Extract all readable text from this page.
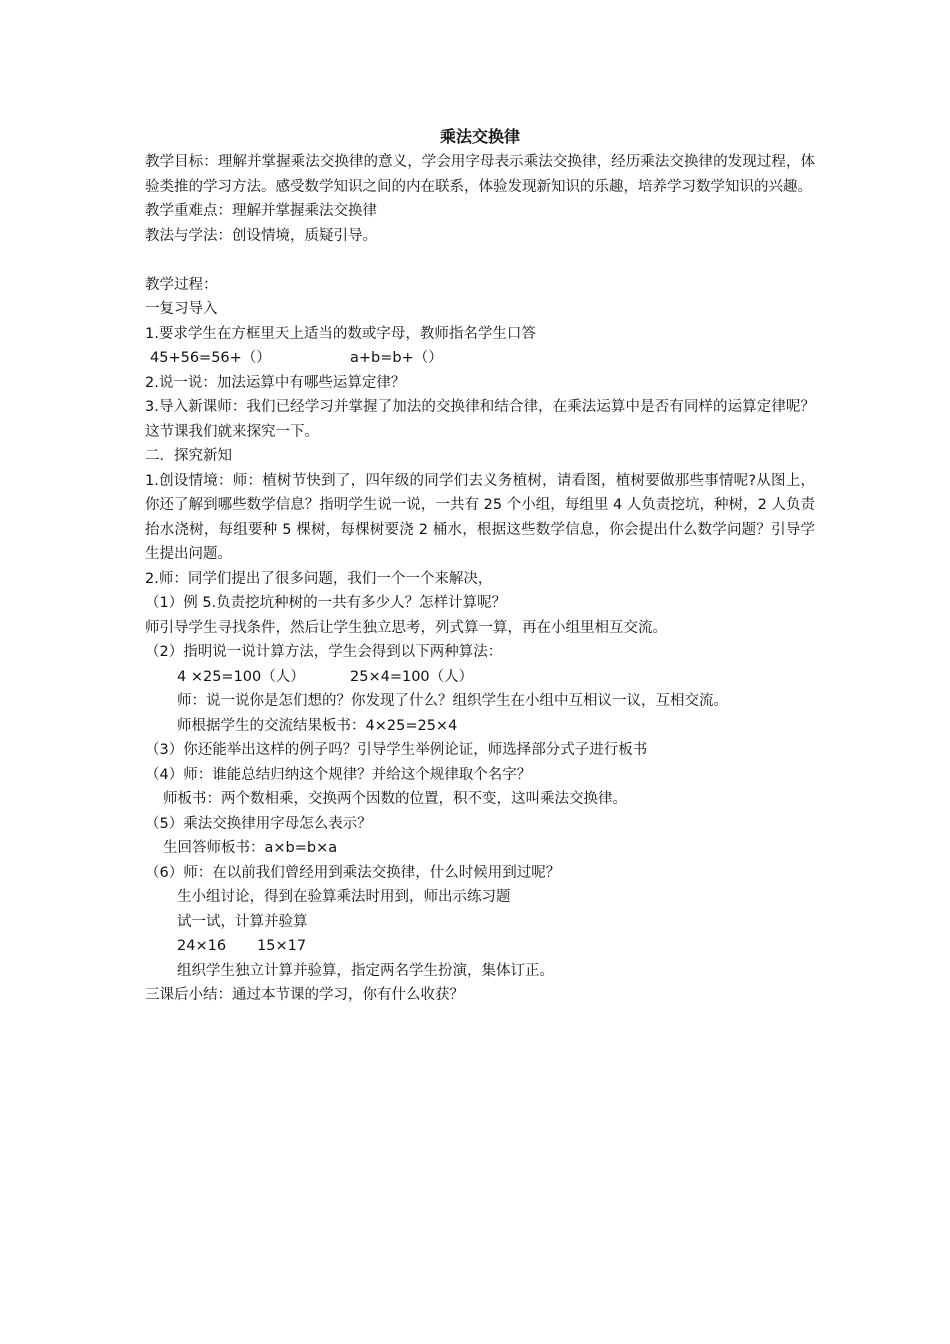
乘法交换律

教学目标：理解并掌握乘法交换律的意义，学会用字母表示乘法交换律，经历乘法交换律的发现过程，体验类推的学习方法。感受数学知识之间的内在联系，体验发现新知识的乐趣，培养学习数学知识的兴趣。

教学重难点：理解并掌握乘法交换律

教法与学法：创设情境，质疑引导。

教学过程：

一复习导入

1.要求学生在方框里天上适当的数或字母，教师指名学生口答

45+56=56+（）	a+b=b+（）

2.说一说：加法运算中有哪些运算定律？

3.导入新课师：我们已经学习并掌握了加法的交换律和结合律，在乘法运算中是否有同样的运算定律呢？这节课我们就来探究一下。

二．探究新知

1.创设情境：师：植树节快到了，四年级的同学们去义务植树，请看图，植树要做那些事情呢?从图上，你还了解到哪些数学信息？指明学生说一说，一共有 25 个小组，每组里 4 人负责挖坑，种树，2 人负责抬水浇树，每组要种 5 棵树，每棵树要浇 2 桶水，根据这些数学信息，你会提出什么数学问题？引导学生提出问题。

2.师：同学们提出了很多问题，我们一个一个来解决，

（1）例 5.负责挖坑种树的一共有多少人？怎样计算呢？

师引导学生寻找条件，然后让学生独立思考，列式算一算，再在小组里相互交流。

（2）指明说一说计算方法，学生会得到以下两种算法：

4 ×25=100（人）	25×4=100（人）

师：说一说你是怎们想的？你发现了什么？组织学生在小组中互相议一议，互相交流。

师根据学生的交流结果板书：4×25=25×4

（3）你还能举出这样的例子吗？引导学生举例论证，师选择部分式子进行板书

（4）师：谁能总结归纳这个规律？并给这个规律取个名字？

师板书：两个数相乘，交换两个因数的位置，积不变，这叫乘法交换律。

（5）乘法交换律用字母怎么表示？

生回答师板书：a×b=b×a

（6）师：在以前我们曾经用到乘法交换律，什么时候用到过呢？

生小组讨论，得到在验算乘法时用到，师出示练习题

试一试，计算并验算

24×16	15×17

组织学生独立计算并验算，指定两名学生扮演，集体订正。

三课后小结：通过本节课的学习，你有什么收获？
